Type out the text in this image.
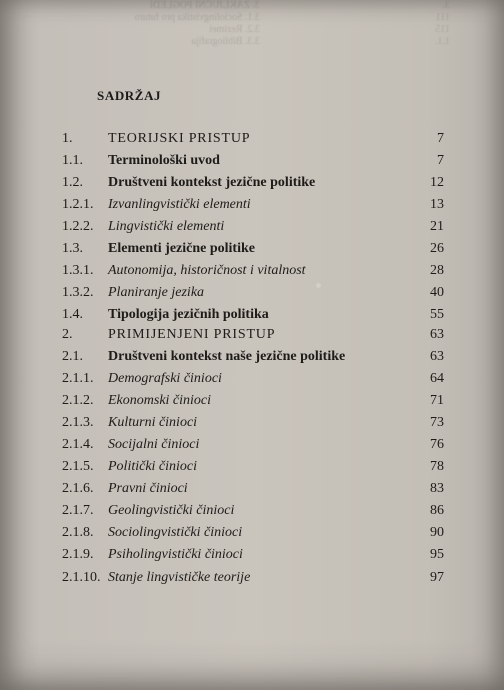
3. ZAKLJUČNI POGLEDI
3.1. Sociolingvistika pro futuro
3.2. Rezimei
3.3. Bibliografija
3.
111
115
1.1.
SADRŽAJ
1.	TEORIJSKI PRISTUP	7
1.1. Terminološki uvod	7
1.2. Društveni kontekst jezične politike	12
1.2.1. Izvanlingvistički elementi	13
1.2.2. Lingvistički elementi	21
1.3. Elementi jezične politike	26
1.3.1. Autonomija, historičnost i vitalnost	28
1.3.2. Planiranje jezika	40
1.4. Tipologija jezičnih politika	55
2.	PRIMIJENJENI PRISTUP	63
2.1. Društveni kontekst naše jezične politike	63
2.1.1. Demografski činioci	64
2.1.2. Ekonomski činioci	71
2.1.3. Kulturni činioci	73
2.1.4. Socijalni činioci	76
2.1.5. Politički činioci	78
2.1.6. Pravni činioci	83
2.1.7. Geolingvistički činioci	86
2.1.8. Sociolingvistički činioci	90
2.1.9. Psiholingvistički činioci	95
2.1.10. Stanje lingvističke teorije	97
